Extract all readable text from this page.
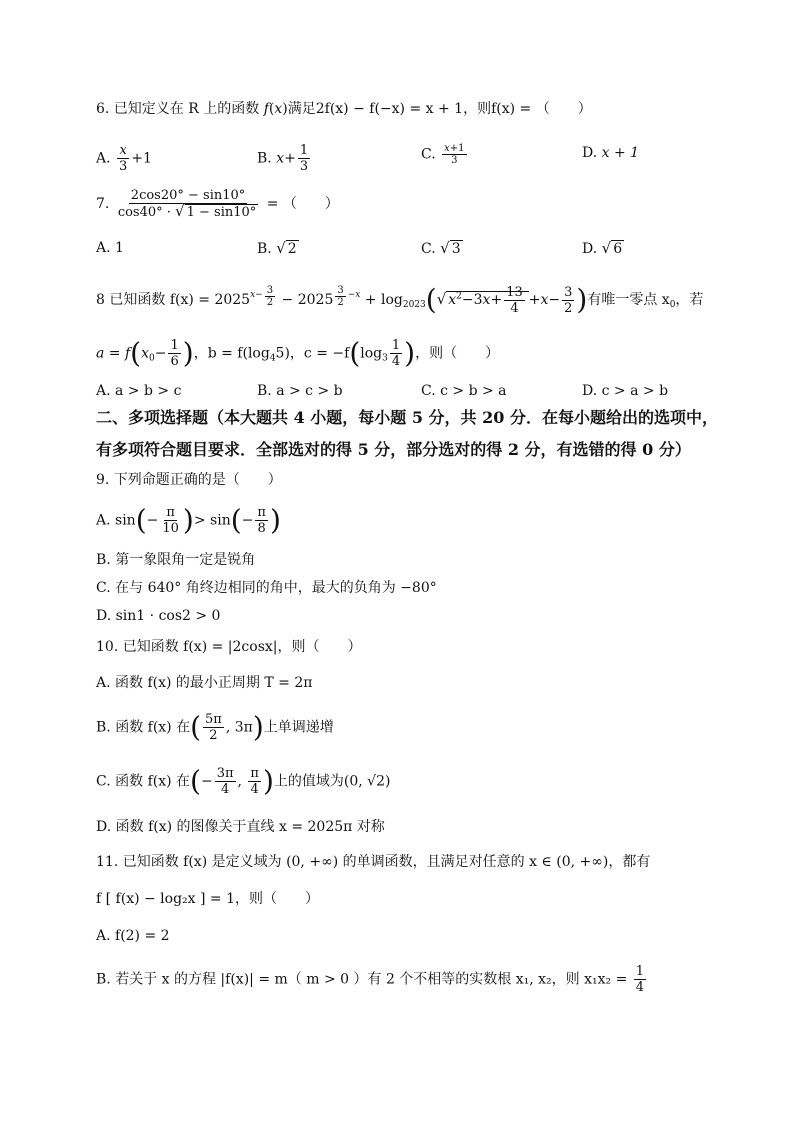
6. 已知定义在 R 上的函数 f(x)满足2f(x) − f(−x) = x + 1，则f(x) = （　　）
A. $\frac{x}{3} +1$	B. $x+ \frac{1}{3}$	C. $\frac{x+1}{3}$	D. x + 1
7. $\frac{2\cos 20^\circ - \sin 10^\circ}{\cos 40^\circ \cdot √ 1 - \sin 10^\circ}$ = （　　）
A. 1	B. √ 2	C. √ 3	D. √ 6
8 已知函数 $f(x) = 2025^{x- \frac{3}{2}} - 2025$ $^{\frac{3}{2} -x} + \log_{2023}(√$ $x^2-3x+ \frac{13}{4} +x- \frac{3}{2}$ )有唯一零点 $x_0$，若
$a = f(x_0- \frac{1}{6}$ )，$b = f(\log_45)$，$c = -f(\log_3 \frac{1}{4}$ )，则（　　）
A. a > b > c	B. a > c > b	C. c > b > a	D. c > a > b
二、多项选择题（本大题共 4 小题，每小题 5 分，共 20 分．在每小题给出的选项中，
有多项符合题目要求．全部选对的得 5 分，部分选对的得 2 分，有选错的得 0 分）
9. 下列命题正确的是（　　）
A. $\sin(- \frac{\pi}{10}$ )> $\sin(- \frac{\pi}{8}$ )
B. 第一象限角一定是锐角
C. 在与 640° 角终边相同的角中，最大的负角为 −80°
D. sin1 · cos2 > 0
10. 已知函数 f(x) = |2cosx|，则（　　）
A. 函数 f(x) 的最小正周期 T = 2π
B. 函数 f(x) 在( $\frac{5\pi}{2}$ , 3π)上单调递增
C. 函数 f(x) 在(− $\frac{3\pi}{4}$ , $\frac{\pi}{4}$ )上的值域为(0, √2)
D. 函数 f(x) 的图像关于直线 x = 2025π 对称
11. 已知函数 f(x) 是定义域为 (0, +∞) 的单调函数，且满足对任意的 x ∈ (0, +∞)，都有
f [ f(x) − log₂x ] = 1，则（　　）
A. f(2) = 2
B. 若关于 x 的方程 |f(x)| = m（ m > 0 ）有 2 个不相等的实数根 x₁, x₂，则 $x_1x_2 = \frac{1}{4}$
